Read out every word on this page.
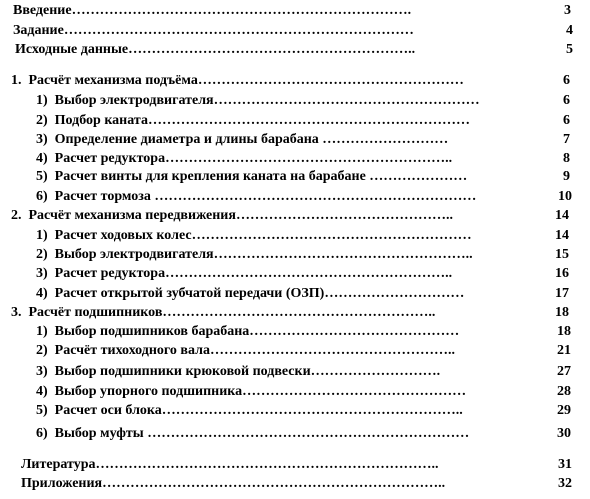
Введение……………………………………………………………….	3
Задание…………………………………………………………………	4
Исходные данные……………………………………………………..	5
1.  Расчёт механизма подъёма…………………………………………………	6
1)  Выбор электродвигателя…………………………………………………	6
2)  Подбор каната……………………………………………………………	6
3)  Определение диаметра и длины барабана ………………………	7
4)  Расчет редуктора……………………………………………………..	8
5)  Расчет винты для крепления каната на барабане …………………	9
6)  Расчет тормоза ……………………………………………………………	10
2.  Расчёт механизма передвижения………………………………………..	14
1)  Расчет ходовых колес……………………………………………………	14
2)  Выбор электродвигателя………………………………………………..	15
3)  Расчет редуктора……………………………………………………..	16
4)  Расчет открытой зубчатой передачи (ОЗП)…………………………	17
3.  Расчёт подшипников…………………………………………………..	18
1)  Выбор подшипников барабана………………………………………	18
2)  Расчёт тихоходного вала……………………………………………..	21
3)  Выбор подшипники крюковой подвески……………………….	27
4)  Выбор упорного подшипника…………………………………………	28
5)  Расчет оси блока………………………………………………………..	29
6)  Выбор муфты ……………………………………………………………	30
Литература………………………………………………………………..	31
Приложения………………………………………………………………..	32
